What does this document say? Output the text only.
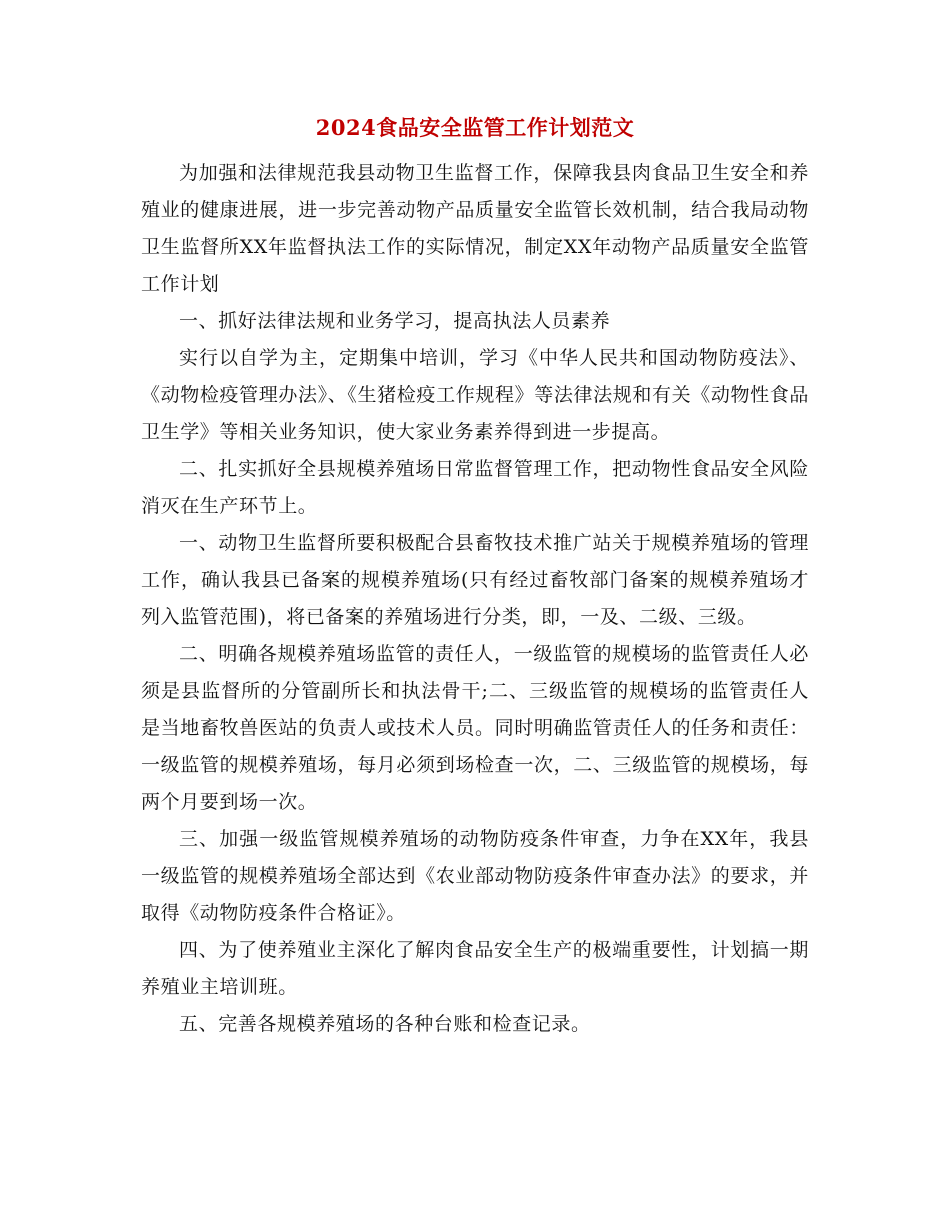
2024食品安全监管工作计划范文

为加强和法律规范我县动物卫生监督工作，保障我县肉食品卫生安全和养殖业的健康进展，进一步完善动物产品质量安全监管长效机制，结合我局动物卫生监督所XX年监督执法工作的实际情况，制定XX年动物产品质量安全监管工作计划

一、抓好法律法规和业务学习，提高执法人员素养

实行以自学为主，定期集中培训，学习《中华人民共和国动物防疫法》、《动物检疫管理办法》、《生猪检疫工作规程》等法律法规和有关《动物性食品卫生学》等相关业务知识，使大家业务素养得到进一步提高。

二、扎实抓好全县规模养殖场日常监督管理工作，把动物性食品安全风险消灭在生产环节上。

一、动物卫生监督所要积极配合县畜牧技术推广站关于规模养殖场的管理工作，确认我县已备案的规模养殖场(只有经过畜牧部门备案的规模养殖场才列入监管范围)，将已备案的养殖场进行分类，即，一及、二级、三级。

二、明确各规模养殖场监管的责任人，一级监管的规模场的监管责任人必须是县监督所的分管副所长和执法骨干;二、三级监管的规模场的监管责任人是当地畜牧兽医站的负责人或技术人员。同时明确监管责任人的任务和责任：一级监管的规模养殖场，每月必须到场检查一次，二、三级监管的规模场，每两个月要到场一次。

三、加强一级监管规模养殖场的动物防疫条件审查，力争在XX年，我县一级监管的规模养殖场全部达到《农业部动物防疫条件审查办法》的要求，并取得《动物防疫条件合格证》。

四、为了使养殖业主深化了解肉食品安全生产的极端重要性，计划搞一期养殖业主培训班。

五、完善各规模养殖场的各种台账和检查记录。
